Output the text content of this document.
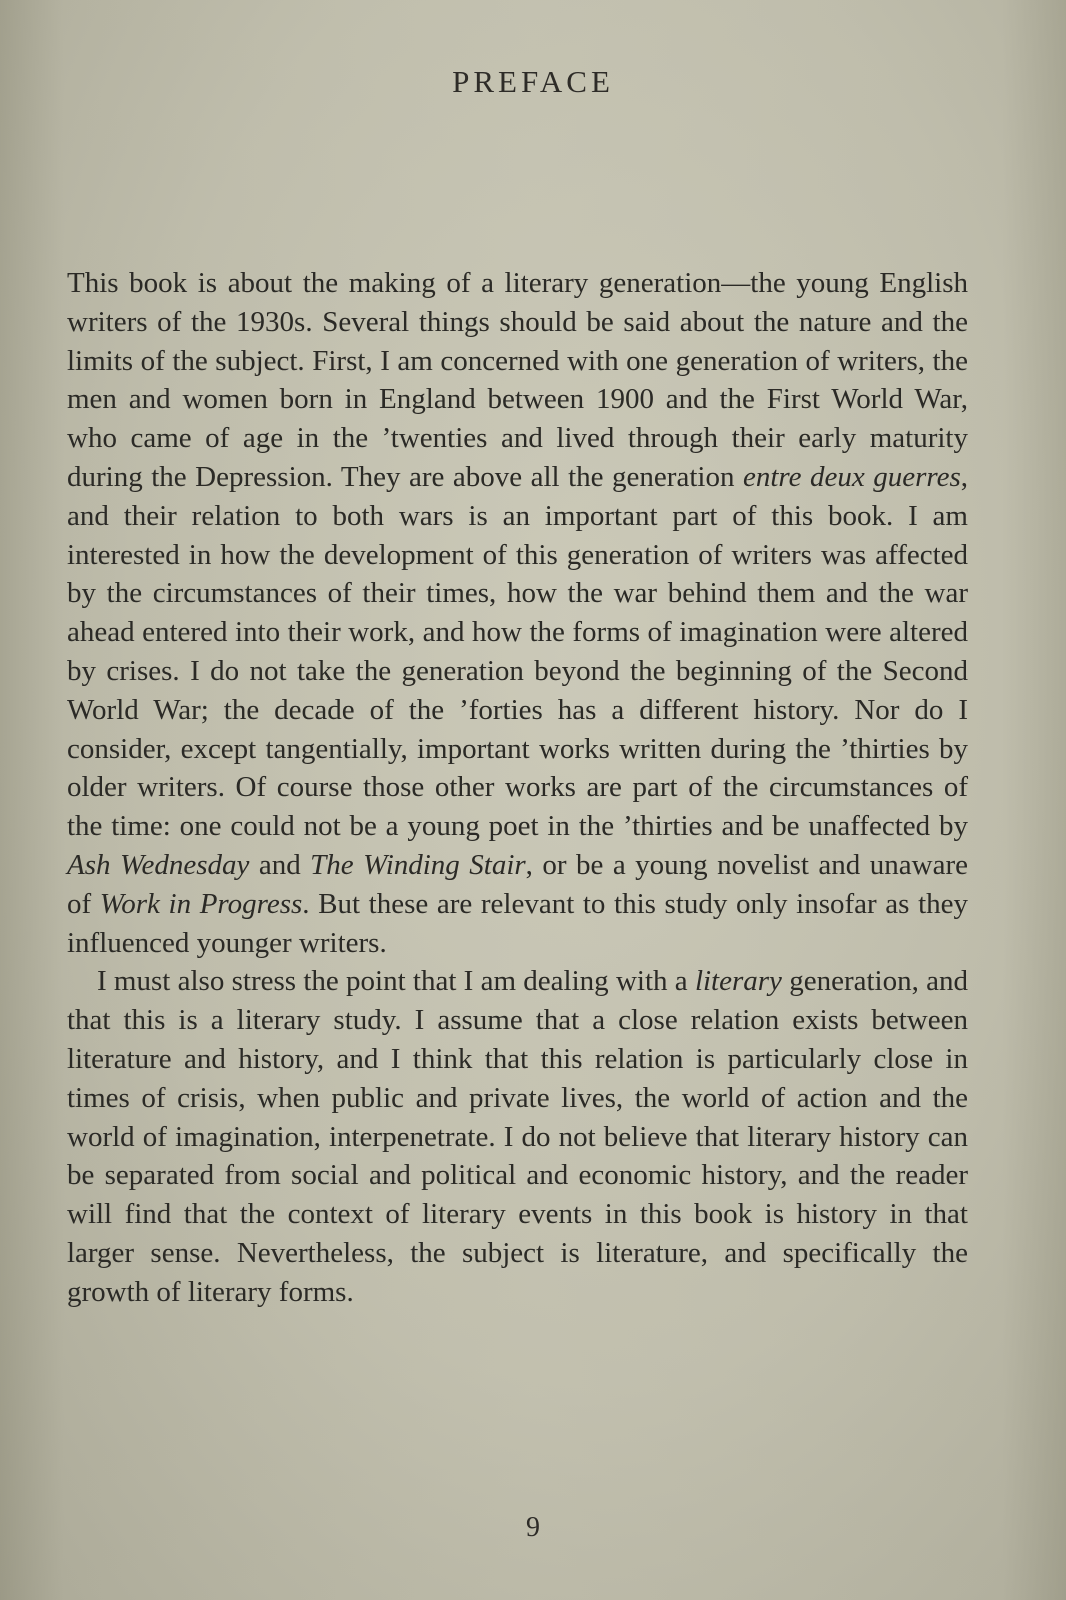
PREFACE

This book is about the making of a literary generation—the young English writers of the 1930s. Several things should be said about the nature and the limits of the subject. First, I am concerned with one generation of writers, the men and women born in England between 1900 and the First World War, who came of age in the ’twenties and lived through their early maturity during the Depression. They are above all the generation entre deux guerres, and their relation to both wars is an important part of this book. I am interested in how the development of this generation of writers was affected by the circumstances of their times, how the war behind them and the war ahead entered into their work, and how the forms of imagination were altered by crises. I do not take the generation beyond the beginning of the Second World War; the decade of the ’forties has a different history. Nor do I consider, except tangentially, important works written during the ’thirties by older writers. Of course those other works are part of the circumstances of the time: one could not be a young poet in the ’thirties and be unaffected by Ash Wednesday and The Winding Stair, or be a young novelist and unaware of Work in Progress. But these are relevant to this study only insofar as they influenced younger writers.

I must also stress the point that I am dealing with a literary generation, and that this is a literary study. I assume that a close relation exists between literature and history, and I think that this relation is particularly close in times of crisis, when public and private lives, the world of action and the world of imagination, interpenetrate. I do not believe that literary history can be separated from social and political and economic history, and the reader will find that the context of literary events in this book is history in that larger sense. Nevertheless, the subject is literature, and specifically the growth of literary forms.

9
